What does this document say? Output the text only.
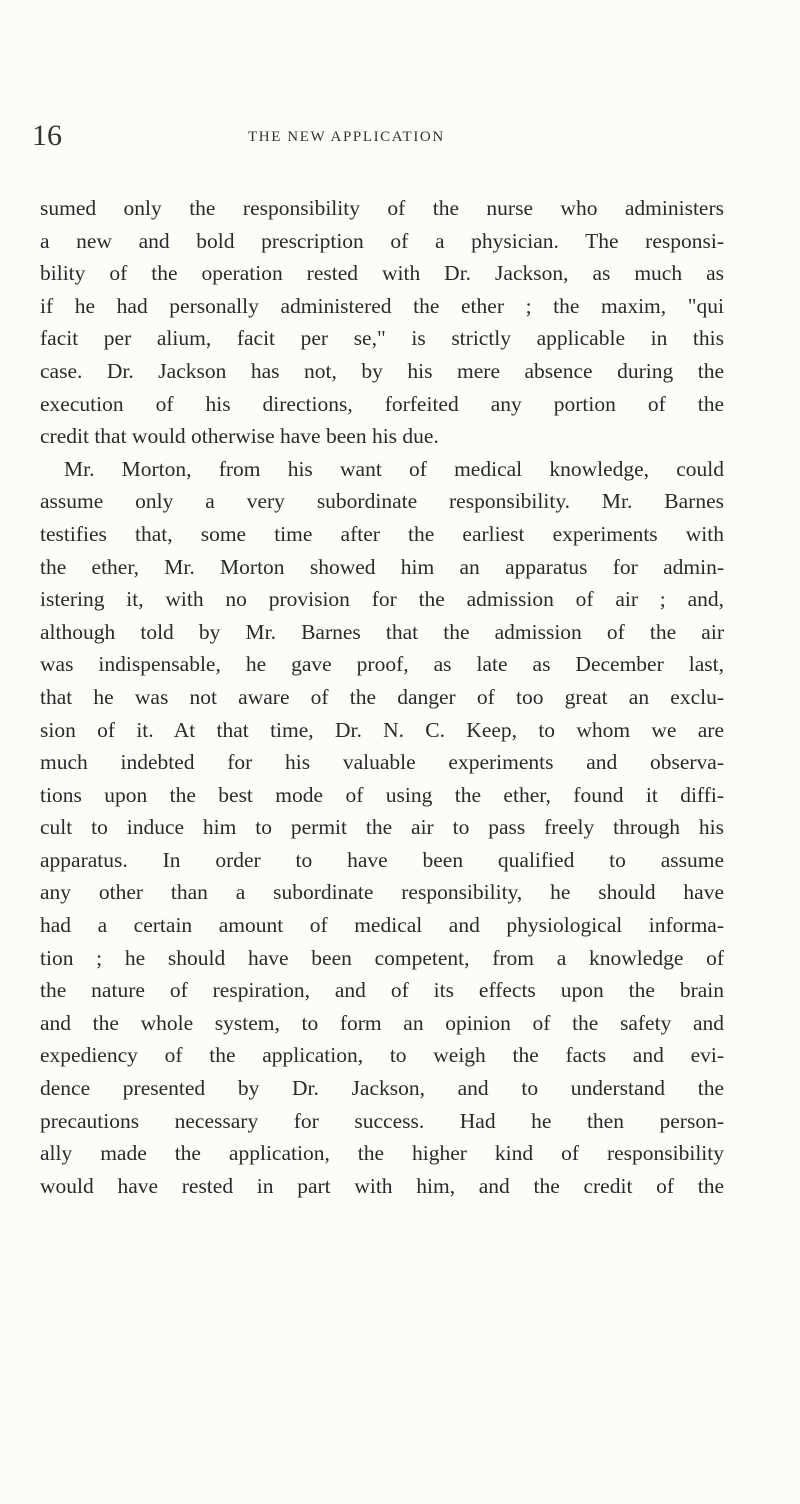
16	THE NEW APPLICATION
sumed only the responsibility of the nurse who administers
a new and bold prescription of a physician. The responsi-
bility of the operation rested with Dr. Jackson, as much as
if he had personally administered the ether ; the maxim, "qui
facit per alium, facit per se," is strictly applicable in this
case. Dr. Jackson has not, by his mere absence during the
execution of his directions, forfeited any portion of the
credit that would otherwise have been his due.
Mr. Morton, from his want of medical knowledge, could
assume only a very subordinate responsibility. Mr. Barnes
testifies that, some time after the earliest experiments with
the ether, Mr. Morton showed him an apparatus for admin-
istering it, with no provision for the admission of air ; and,
although told by Mr. Barnes that the admission of the air
was indispensable, he gave proof, as late as December last,
that he was not aware of the danger of too great an exclu-
sion of it. At that time, Dr. N. C. Keep, to whom we are
much indebted for his valuable experiments and observa-
tions upon the best mode of using the ether, found it diffi-
cult to induce him to permit the air to pass freely through his
apparatus. In order to have been qualified to assume
any other than a subordinate responsibility, he should have
had a certain amount of medical and physiological informa-
tion ; he should have been competent, from a knowledge of
the nature of respiration, and of its effects upon the brain
and the whole system, to form an opinion of the safety and
expediency of the application, to weigh the facts and evi-
dence presented by Dr. Jackson, and to understand the
precautions necessary for success. Had he then person-
ally made the application, the higher kind of responsibility
would have rested in part with him, and the credit of the
